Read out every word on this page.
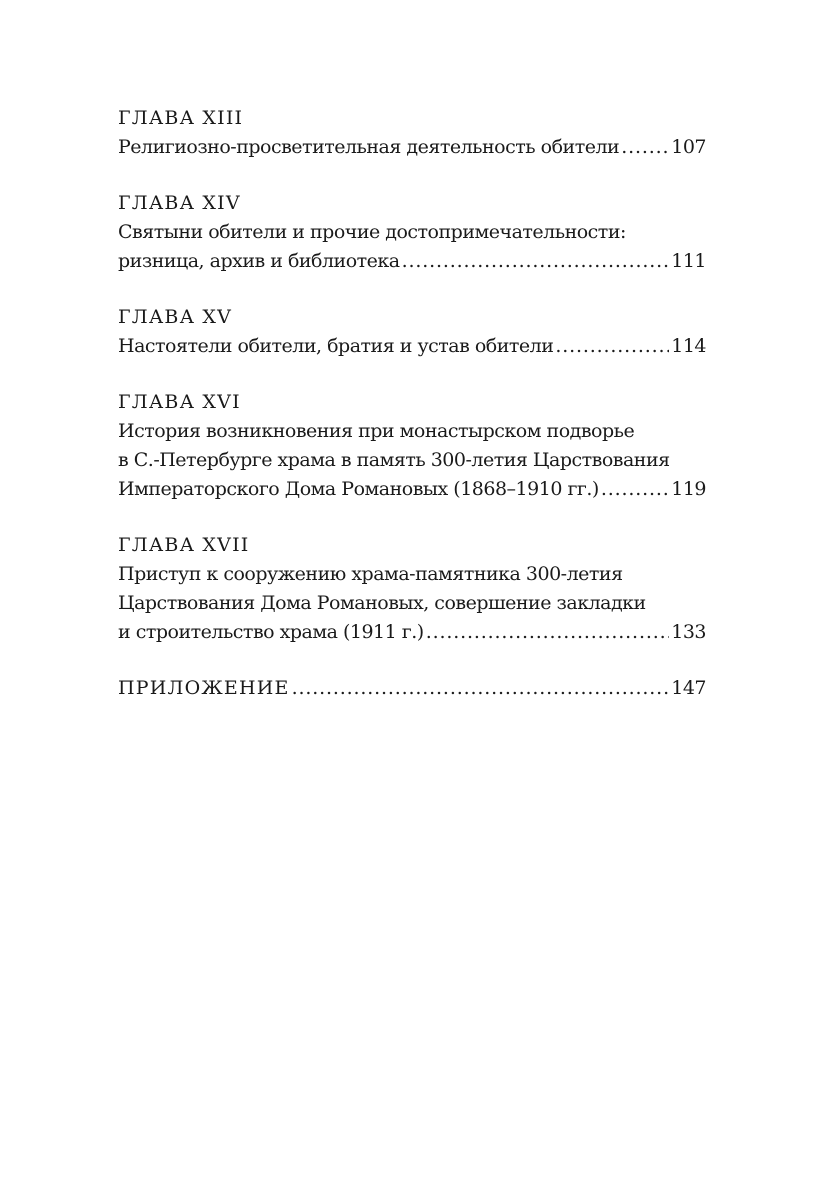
ГЛАВА XIII
Религиозно-просветительная деятельность обители . . .	107
ГЛАВА XIV
Святыни обители и прочие достопримечательности:
ризница, архив и библиотека . . .	111
ГЛАВА XV
Настоятели обители, братия и устав обители . . .	114
ГЛАВА XVI
История возникновения при монастырском подворье
в С.-Петербурге храма в память 300-летия Царствования
Императорского Дома Романовых (1868–1910 гг.) . . .	119
ГЛАВА XVII
Приступ к сооружению храма-памятника 300-летия
Царствования Дома Романовых, совершение закладки
и строительство храма (1911 г.) . . .	133
ПРИЛОЖЕНИЕ . . .	147
